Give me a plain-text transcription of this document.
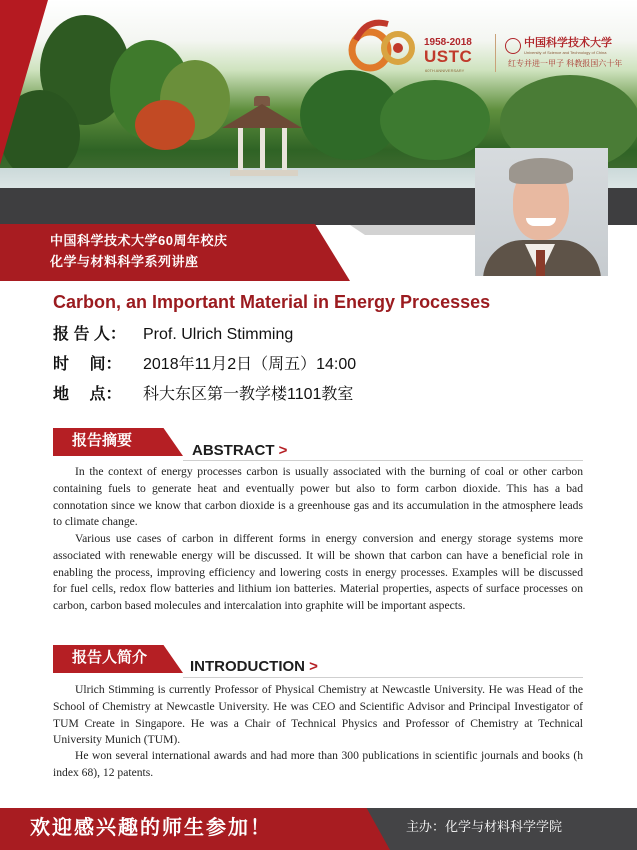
1958-2018
USTC
60TH ANNIVERSARY
中国科学技术大学
University of Science and Technology of China
红专并进一甲子 科教报国六十年
中国科学技术大学60周年校庆
化学与材料科学系列讲座
Carbon, an Important Material in Energy Processes
报 告 人： Prof. Ulrich Stimming
时 　间： 2018年11月2日（周五）14:00
地 　点： 科大东区第一教学楼1101教室
报告摘要
ABSTRACT >

In the context of energy processes carbon is usually associated with the burning of coal or other carbon containing fuels to generate heat and eventually power but also to form carbon dioxide. This has a bad connotation since we know that carbon dioxide is a greenhouse gas and its accumulation in the atmosphere leads to climate change.

Various use cases of carbon in different forms in energy conversion and energy storage systems more associated with renewable energy will be discussed. It will be shown that carbon can have a beneficial role in enabling the process, improving efficiency and lowering costs in energy processes. Examples will be discussed for fuel cells, redox flow batteries and lithium ion batteries. Material properties, aspects of surface processes on carbon, carbon based molecules and intercalation into graphite will be important aspects.

报告人简介
INTRODUCTION >

Ulrich Stimming is currently Professor of Physical Chemistry at Newcastle University. He was Head of the School of Chemistry at Newcastle University. He was CEO and Scientific Advisor and Principal Investigator of TUM Create in Singapore. He was a Chair of Technical Physics and Professor of Chemistry at Technical University Munich (TUM).

He won several international awards and had more than 300 publications in scientific journals and books (h index 68), 12 patents.

欢迎感兴趣的师生参加！	主办：化学与材料科学学院
